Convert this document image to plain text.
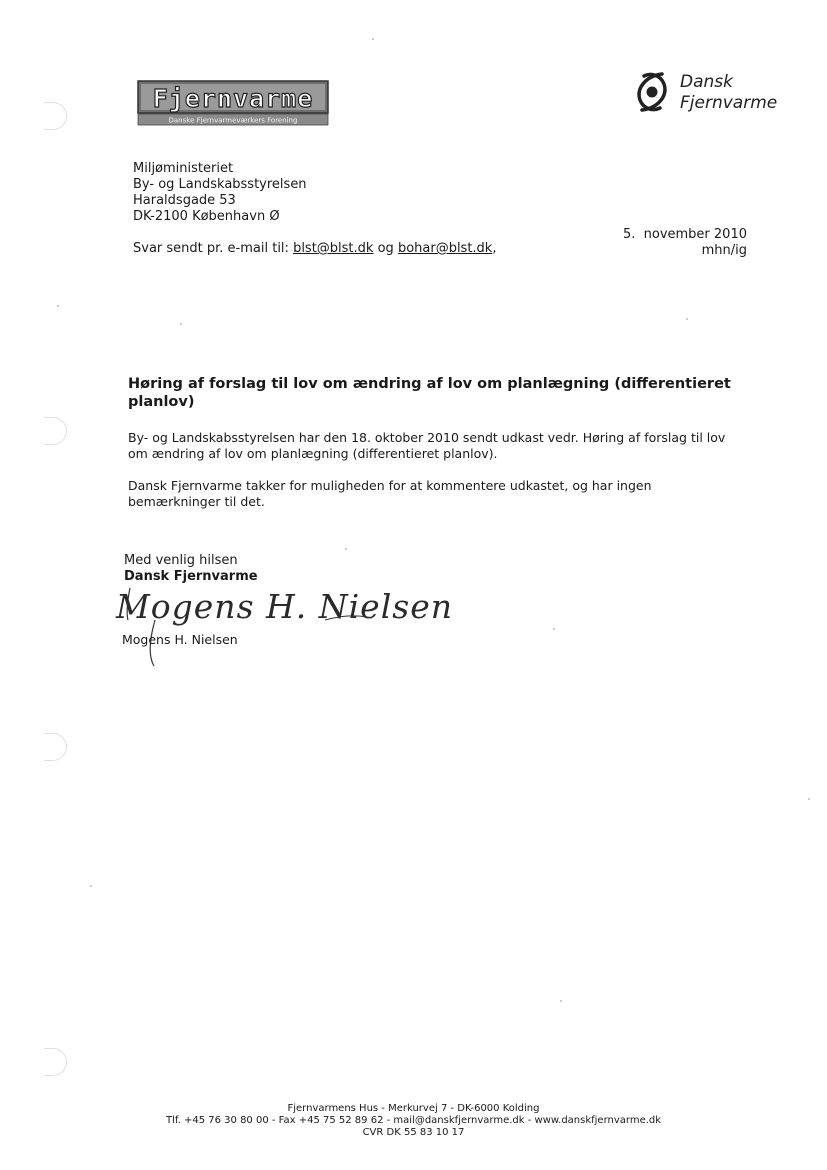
Fjernvarme
Danske Fjernvarmeværkers Forening
Dansk
Fjernvarme
Miljøministeriet
By- og Landskabsstyrelsen
Haraldsgade 53
DK-2100 København Ø
Svar sendt pr. e-mail til: blst@blst.dk og bohar@blst.dk,
5.  november 2010
mhn/ig
Høring af forslag til lov om ændring af lov om planlægning (differentieret planlov)
By- og Landskabsstyrelsen har den 18. oktober 2010 sendt udkast vedr. Høring af forslag til lov om ændring af lov om planlægning (differentieret planlov).
Dansk Fjernvarme takker for muligheden for at kommentere udkastet, og har ingen bemærkninger til det.
Med venlig hilsen
Dansk Fjernvarme
Mogens H. Nielsen
Mogens H. Nielsen
Fjernvarmens Hus - Merkurvej 7 - DK-6000 Kolding
Tlf. +45 76 30 80 00 - Fax +45 75 52 89 62 - mail@danskfjernvarme.dk - www.danskfjernvarme.dk
CVR DK 55 83 10 17
